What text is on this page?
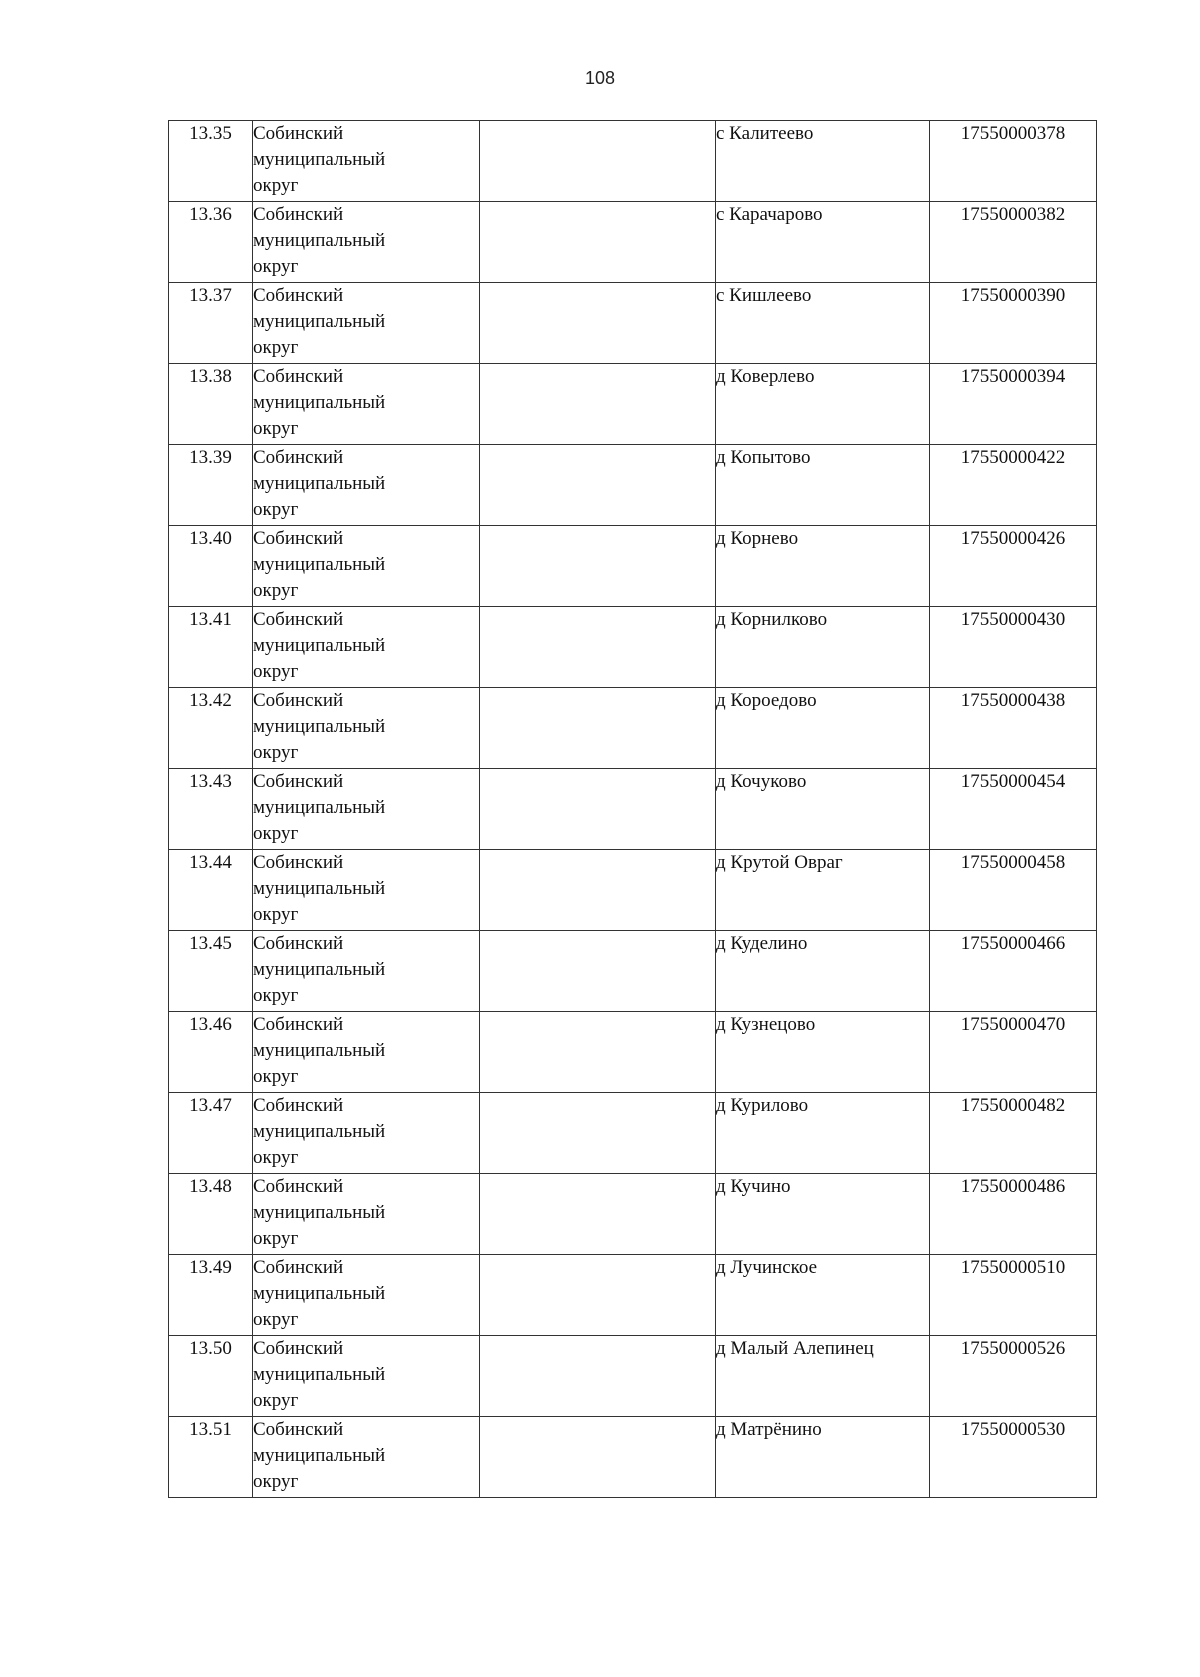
108
13.35	Собинский
муниципальный
округ		с Калитеево	17550000378
13.36	Собинский
муниципальный
округ		с Карачарово	17550000382
13.37	Собинский
муниципальный
округ		с Кишлеево	17550000390
13.38	Собинский
муниципальный
округ		д Коверлево	17550000394
13.39	Собинский
муниципальный
округ		д Копытово	17550000422
13.40	Собинский
муниципальный
округ		д Корнево	17550000426
13.41	Собинский
муниципальный
округ		д Корнилково	17550000430
13.42	Собинский
муниципальный
округ		д Короедово	17550000438
13.43	Собинский
муниципальный
округ		д Кочуково	17550000454
13.44	Собинский
муниципальный
округ		д Крутой Овраг	17550000458
13.45	Собинский
муниципальный
округ		д Куделино	17550000466
13.46	Собинский
муниципальный
округ		д Кузнецово	17550000470
13.47	Собинский
муниципальный
округ		д Курилово	17550000482
13.48	Собинский
муниципальный
округ		д Кучино	17550000486
13.49	Собинский
муниципальный
округ		д Лучинское	17550000510
13.50	Собинский
муниципальный
округ		д Малый Алепинец	17550000526
13.51	Собинский
муниципальный
округ		д Матрёнино	17550000530
